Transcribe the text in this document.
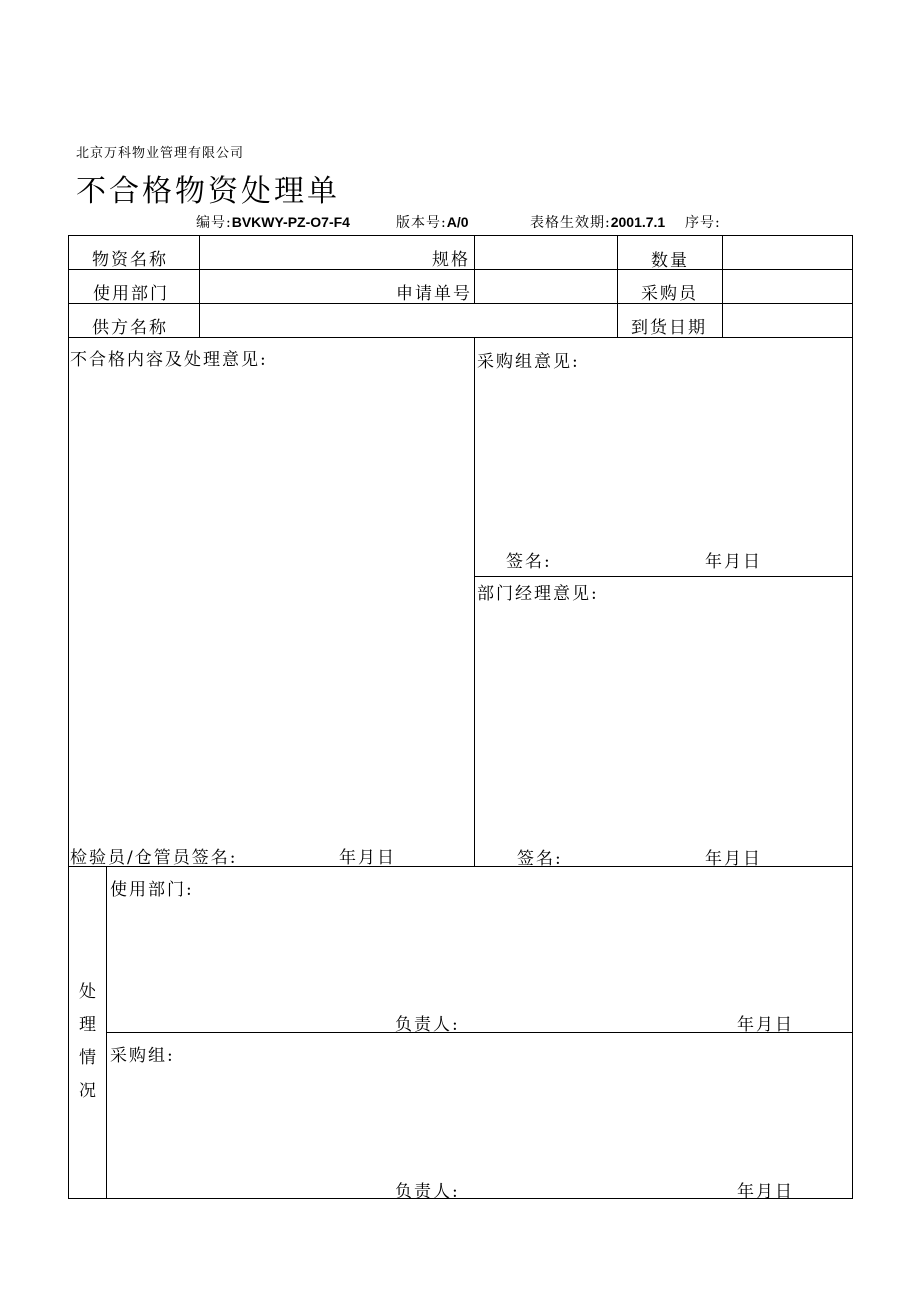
北京万科物业管理有限公司
不合格物资处理单
编号:BVKWY-PZ-O7-F4	版本号:A/0	表格生效期:2001.7.1 序号:
物资名称	规格	数量
使用部门	申请单号	采购员
供方名称	到货日期
不合格内容及处理意见:
检验员/仓管员签名:	年月日
采购组意见:
签名:	年月日
部门经理意见:
签名:	年月日
处
理
情
况
使用部门:
负责人:	年月日
采购组:
负责人:	年月日
